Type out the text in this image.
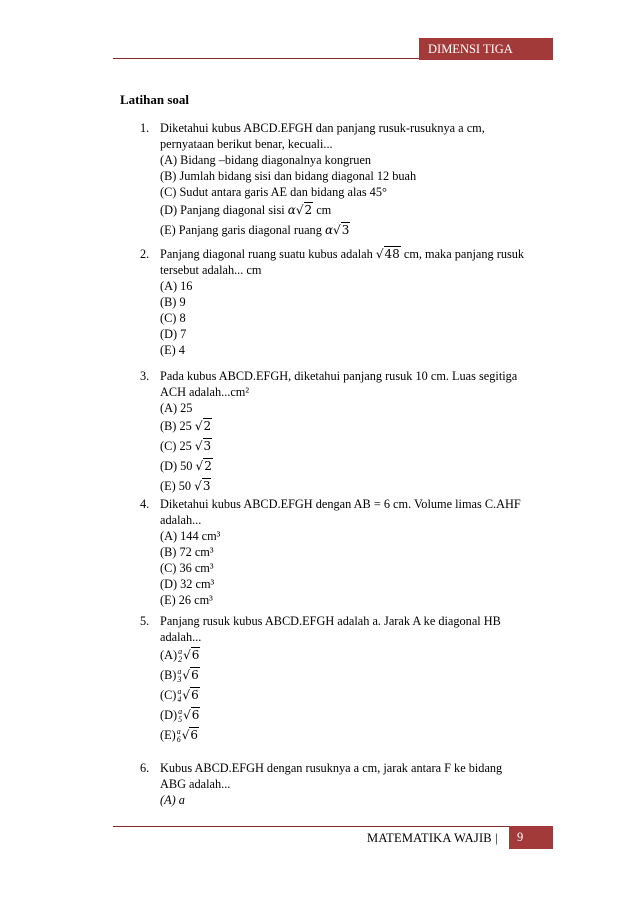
DIMENSI TIGA
Latihan soal
1. Diketahui kubus ABCD.EFGH dan panjang rusuk-rusuknya a cm,
pernyataan berikut benar, kecuali...
(A) Bidang –bidang diagonalnya kongruen
(B) Jumlah bidang sisi dan bidang diagonal 12 buah
(C) Sudut antara garis AE dan bidang alas 45°
(D) Panjang diagonal sisi α√2 cm
(E) Panjang garis diagonal ruang α√3
2. Panjang diagonal ruang suatu kubus adalah √48 cm, maka panjang rusuk
tersebut adalah... cm
(A) 16
(B) 9
(C) 8
(D) 7
(E) 4
3. Pada kubus ABCD.EFGH, diketahui panjang rusuk 10 cm. Luas segitiga
ACH adalah...cm²
(A) 25
(B) 25 √2
(C) 25 √3
(D) 50 √2
(E) 50 √3
4. Diketahui kubus ABCD.EFGH dengan AB = 6 cm. Volume limas C.AHF
adalah...
(A) 144 cm³
(B) 72 cm³
(C) 36 cm³
(D) 32 cm³
(E) 26 cm³
5. Panjang rusuk kubus ABCD.EFGH adalah a. Jarak A ke diagonal HB
adalah...
(A) a
2 √6
(B) a
3 √6
(C) a
4 √6
(D) a
5 √6
(E) a
6 √6
6. Kubus ABCD.EFGH dengan rusuknya a cm, jarak antara F ke bidang
ABG adalah...
(A) a
MATEMATIKA WAJIB |	9
